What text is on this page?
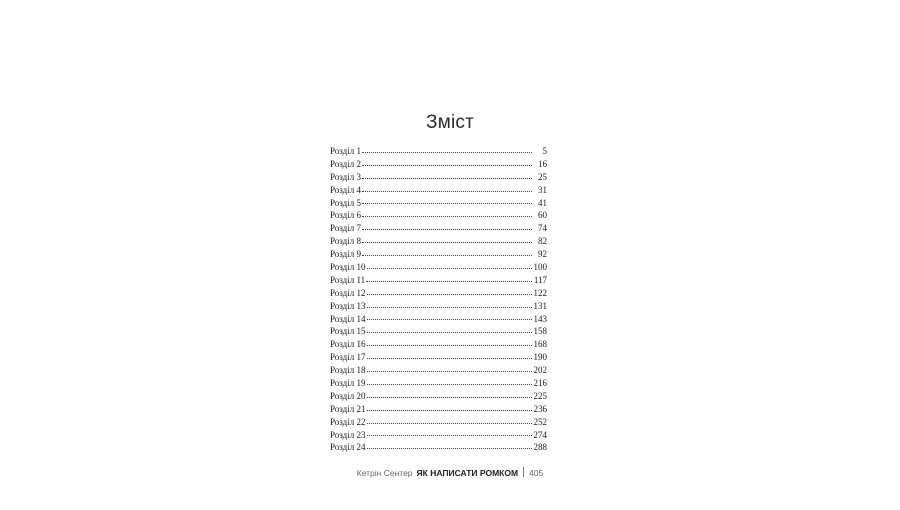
Зміст
Розділ 1	5
Розділ 2	16
Розділ 3	25
Розділ 4	31
Розділ 5	41
Розділ 6	60
Розділ 7	74
Розділ 8	82
Розділ 9	92
Розділ 10	100
Розділ 11	117
Розділ 12	122
Розділ 13	131
Розділ 14	143
Розділ 15	158
Розділ 16	168
Розділ 17	190
Розділ 18	202
Розділ 19	216
Розділ 20	225
Розділ 21	236
Розділ 22	252
Розділ 23	274
Розділ 24	288
Кетрін Сентер ЯК НАПИСАТИ РОМКОМ 405
